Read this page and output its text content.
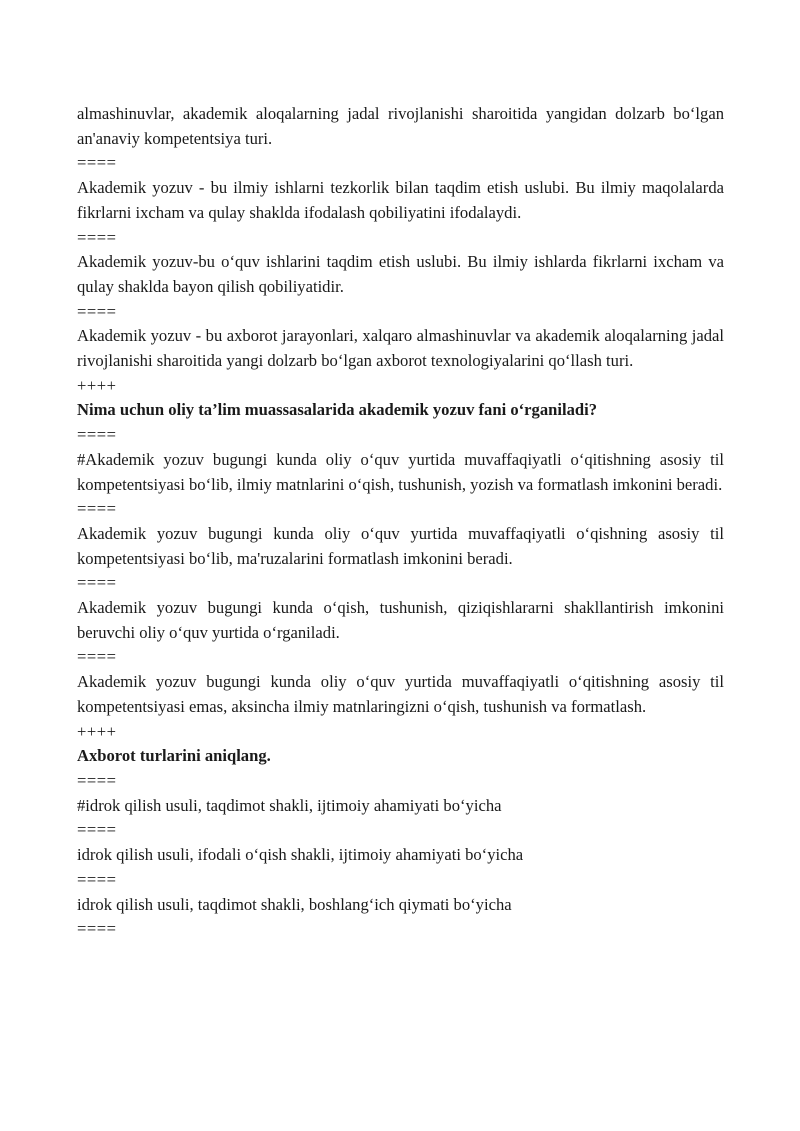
almashinuvlar, akademik aloqalarning jadal rivojlanishi sharoitida yangidan dolzarb bo‘lgan an'anaviy kompetentsiya turi.

====

Akademik yozuv - bu ilmiy ishlarni tezkorlik bilan taqdim etish uslubi. Bu ilmiy maqolalarda fikrlarni ixcham va qulay shaklda ifodalash qobiliyatini ifodalaydi.

====

Akademik yozuv-bu o‘quv ishlarini taqdim etish uslubi. Bu ilmiy ishlarda fikrlarni ixcham va qulay shaklda bayon qilish qobiliyatidir.

====

Akademik yozuv - bu axborot jarayonlari, xalqaro almashinuvlar va akademik aloqalarning jadal rivojlanishi sharoitida yangi dolzarb bo‘lgan axborot texnologiyalarini qo‘llash turi.

++++

Nima uchun oliy ta’lim muassasalarida akademik yozuv fani o‘rganiladi?

====

#Akademik yozuv bugungi kunda oliy o‘quv yurtida muvaffaqiyatli o‘qitishning asosiy til kompetentsiyasi bo‘lib, ilmiy matnlarini o‘qish, tushunish, yozish va formatlash imkonini beradi.

====

Akademik yozuv bugungi kunda oliy o‘quv yurtida muvaffaqiyatli o‘qishning asosiy til kompetentsiyasi bo‘lib, ma'ruzalarini formatlash imkonini beradi.

====

Akademik yozuv bugungi kunda o‘qish, tushunish, qiziqishlararni shakllantirish imkonini beruvchi oliy o‘quv yurtida o‘rganiladi.

====

Akademik yozuv bugungi kunda oliy o‘quv yurtida muvaffaqiyatli o‘qitishning asosiy til kompetentsiyasi emas, aksincha ilmiy matnlaringizni o‘qish, tushunish va formatlash.

++++

Axborot turlarini aniqlang.

====

#idrok qilish usuli, taqdimot shakli, ijtimoiy ahamiyati bo‘yicha

====

idrok qilish usuli, ifodali o‘qish shakli, ijtimoiy ahamiyati bo‘yicha

====

idrok qilish usuli, taqdimot shakli, boshlang‘ich qiymati bo‘yicha

====
